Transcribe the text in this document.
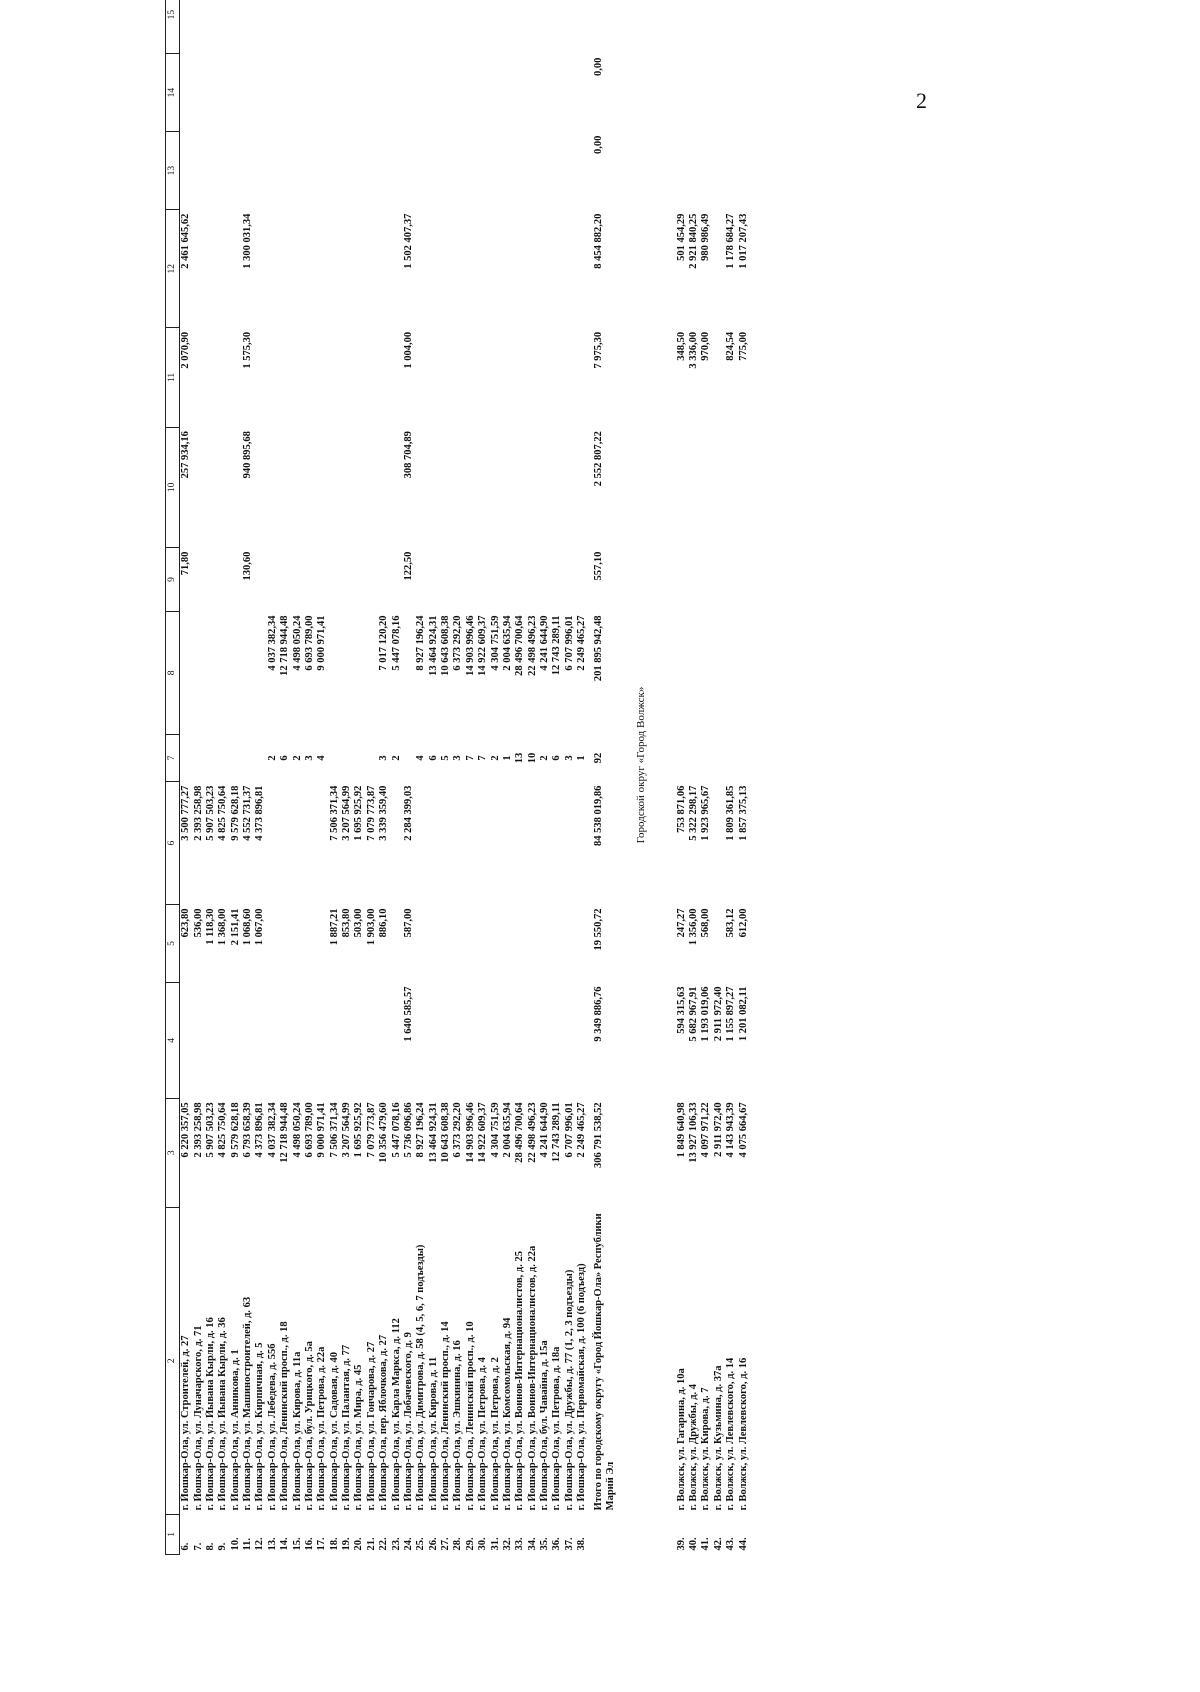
2
1	2	3	4	5	6	7	8	9	10	11	12	13	14	15
6.	г. Йошкар-Ола, ул. Строителей, д. 27	6 220 357,05		623,80	3 500 777,27			71,80	257 934,16	2 070,90	2 461 645,62			
7.	г. Йошкар-Ола, ул. Луначарского, д. 71	2 393 258,98		536,00	2 393 258,98									
8.	г. Йошкар-Ола, ул. Йывана Кырли, д. 16	5 907 503,23		1 118,30	5 907 503,23									
9.	г. Йошкар-Ола, ул. Йывана Кырли, д. 36	4 825 750,64		1 368,00	4 825 750,64									
10.	г. Йошкар-Ола, ул. Анникова, д. 1	9 579 628,18		2 151,41	9 579 628,18									
11.	г. Йошкар-Ола, ул. Машиностроителей, д. 63	6 793 658,39		1 068,60	4 552 731,37			130,60	940 895,68	1 575,30	1 300 031,34			
12.	г. Йошкар-Ола, ул. Кирпичная, д. 5	4 373 896,81		1 067,00	4 373 896,81									
13.	г. Йошкар-Ола, ул. Лебедева, д. 55б	4 037 382,34				2	4 037 382,34							
14.	г. Йошкар-Ола, Ленинский просп., д. 18	12 718 944,48				6	12 718 944,48							
15.	г. Йошкар-Ола, ул. Кирова, д. 11а	4 498 050,24				2	4 498 050,24							
16.	г. Йошкар-Ола, бул. Урицкого, д. 5а	6 693 789,00				3	6 693 789,00							
17.	г. Йошкар-Ола, ул. Петрова, д. 22а	9 000 971,41				4	9 000 971,41							
18.	г. Йошкар-Ола, ул. Садовая, д. 40	7 506 371,34		1 887,21	7 506 371,34									
19.	г. Йошкар-Ола, ул. Палантая, д. 77	3 207 564,99		853,80	3 207 564,99									
20.	г. Йошкар-Ола, ул. Мира, д. 45	1 695 925,92		503,00	1 695 925,92									
21.	г. Йошкар-Ола, ул. Гончарова, д. 27	7 079 773,87		1 903,00	7 079 773,87									
22.	г. Йошкар-Ола, пер. Яблочкова, д. 27	10 356 479,60		886,10	3 339 359,40	3	7 017 120,20							
23.	г. Йошкар-Ола, ул. Карла Маркса, д. 112	5 447 078,16				2	5 447 078,16							
24.	г. Йошкар-Ола, ул. Лобачевского, д. 9	5 736 096,86	1 640 585,57	587,00	2 284 399,03			122,50	308 704,89	1 004,00	1 502 407,37			
25.	г. Йошкар-Ола, ул. Димитрова, д. 58 (4, 5, 6, 7 подъезды)	8 927 196,24				4	8 927 196,24							
26.	г. Йошкар-Ола, ул. Кирова, д. 11	13 464 924,31				6	13 464 924,31							
27.	г. Йошкар-Ола, Ленинский просп., д. 14	10 643 608,38				5	10 643 608,38							
28.	г. Йошкар-Ола, ул. Эшкинина, д. 16	6 373 292,20				3	6 373 292,20							
29.	г. Йошкар-Ола, Ленинский просп., д. 10	14 903 996,46				7	14 903 996,46							
30.	г. Йошкар-Ола, ул. Петрова, д. 4	14 922 609,37				7	14 922 609,37							
31.	г. Йошкар-Ола, ул. Петрова, д. 2	4 304 751,59				2	4 304 751,59							
32.	г. Йошкар-Ола, ул. Комсомольская, д. 94	2 004 635,94				1	2 004 635,94							
33.	г. Йошкар-Ола, ул. Воинов-Интернационалистов, д. 25	28 496 700,64				13	28 496 700,64							
34.	г. Йошкар-Ола, ул. Воинов-Интернационалистов, д. 22а	22 498 496,23				10	22 498 496,23							
35.	г. Йошкар-Ола, бул. Чавайна, д. 15а	4 241 644,90				2	4 241 644,90							
36.	г. Йошкар-Ола, ул. Петрова, д. 18а	12 743 289,11				6	12 743 289,11							
37.	г. Йошкар-Ола, ул. Дружбы, д. 77 (1, 2, 3 подъезды)	6 707 996,01				3	6 707 996,01							
38.	г. Йошкар-Ола, ул. Первомайская, д. 100 (6 подъезд)	2 249 465,27				1	2 249 465,27							
	Итого по городскому округу «Город Йошкар-Ола» Республики Марий Эл	306 791 538,52	9 349 886,76	19 550,72	84 538 019,86	92	201 895 942,48	557,10	2 552 807,22	7 975,30	8 454 882,20	0,00	0,00	
Городской округ «Город Волжск»														
39.	г. Волжск, ул. Гагарина, д. 10а	1 849 640,98	594 315,63	247,27	753 871,06					348,50	501 454,29			
40.	г. Волжск, ул. Дружбы, д. 4	13 927 106,33	5 682 967,91	1 356,00	5 322 298,17					3 336,00	2 921 840,25			
41.	г. Волжск, ул. Кирова, д. 7	4 097 971,22	1 193 019,06	568,00	1 923 965,67					970,00	980 986,49			
42.	г. Волжск, ул. Кузьмина, д. 37а	2 911 972,40	2 911 972,40											
43.	г. Волжск, ул. Левлевского, д. 14	4 143 943,39	1 155 897,27	583,12	1 809 361,85					824,54	1 178 684,27			
44.	г. Волжск, ул. Левлевского, д. 16	4 075 664,67	1 201 082,11	612,00	1 857 375,13					775,00	1 017 207,43			
